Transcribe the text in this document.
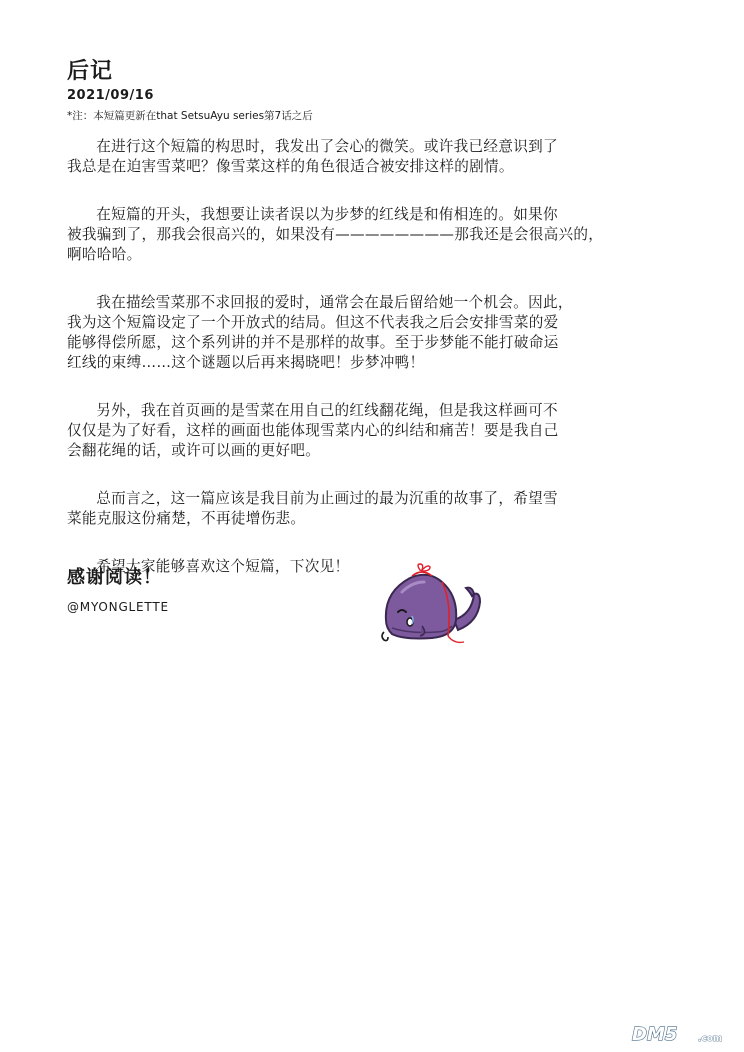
后记
2021/09/16
*注：本短篇更新在that SetsuAyu series第7话之后

在进行这个短篇的构思时，我发出了会心的微笑。或许我已经意识到了
我总是在迫害雪菜吧？像雪菜这样的角色很适合被安排这样的剧情。

在短篇的开头，我想要让读者误以为步梦的红线是和侑相连的。如果你
被我骗到了，那我会很高兴的，如果没有————————那我还是会很高兴的，
啊哈哈哈。

我在描绘雪菜那不求回报的爱时，通常会在最后留给她一个机会。因此，
我为这个短篇设定了一个开放式的结局。但这不代表我之后会安排雪菜的爱
能够得偿所愿，这个系列讲的并不是那样的故事。至于步梦能不能打破命运
红线的束缚……这个谜题以后再来揭晓吧！步梦冲鸭！

另外，我在首页画的是雪菜在用自己的红线翻花绳，但是我这样画可不
仅仅是为了好看，这样的画面也能体现雪菜内心的纠结和痛苦！要是我自己
会翻花绳的话，或许可以画的更好吧。

总而言之，这一篇应该是我目前为止画过的最为沉重的故事了，希望雪
菜能克服这份痛楚，不再徒增伤悲。

希望大家能够喜欢这个短篇，下次见！

感谢阅读！
@MYONGLETTE
DM5 .com
